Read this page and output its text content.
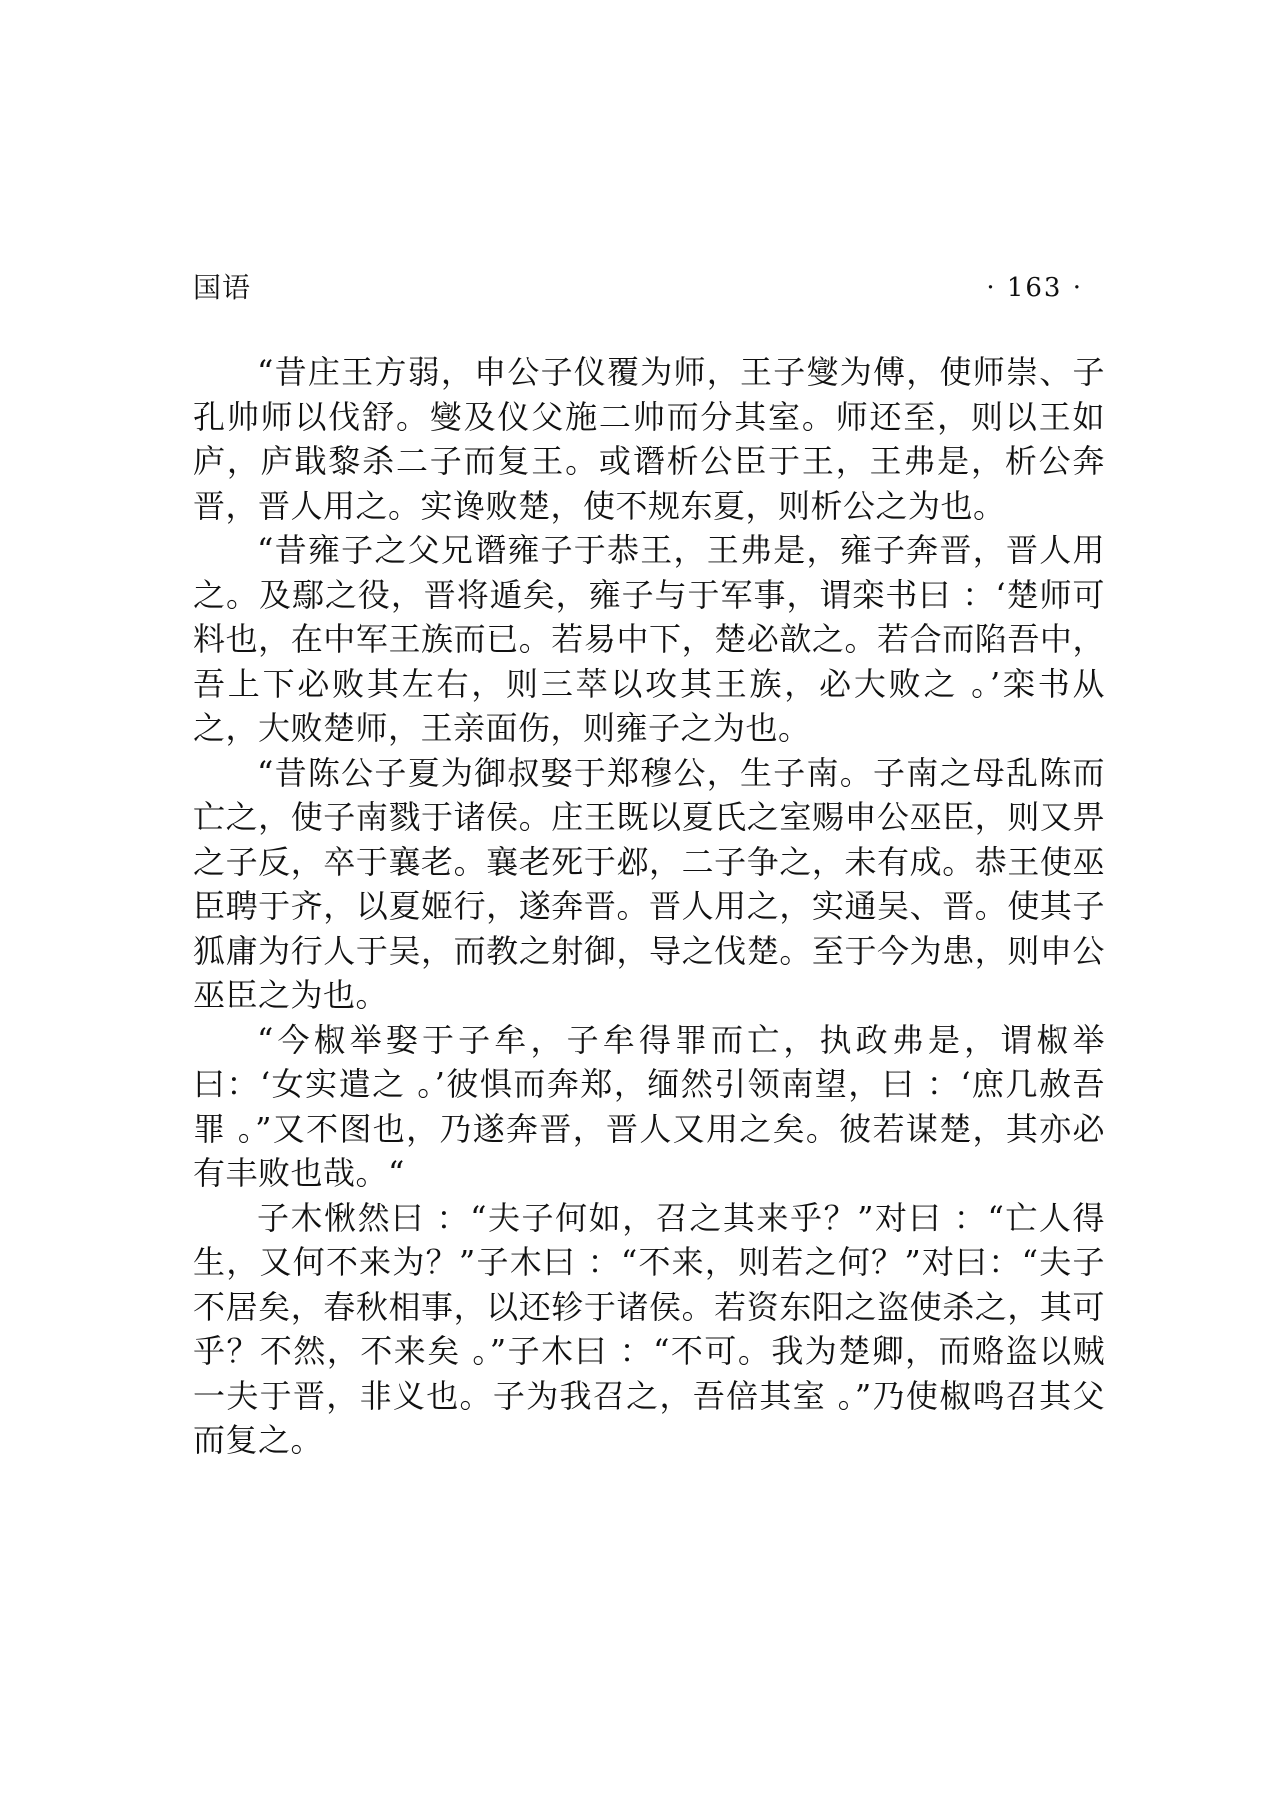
国语	· 163 ·

“昔庄王方弱，申公子仪覆为师，王子燮为傅，使师崇、子孔帅师以伐舒。燮及仪父施二帅而分其室。师还至，则以王如庐，庐戢黎杀二子而复王。或谮析公臣于王，王弗是，析公奔晋，晋人用之。实谗败楚，使不规东夏，则析公之为也。

“昔雍子之父兄谮雍子于恭王，王弗是，雍子奔晋，晋人用之。及鄢之役，晋将遁矣，雍子与于军事，谓栾书曰 ：‘楚师可料也，在中军王族而已。若易中下，楚必歆之。若合而陷吾中，吾上下必败其左右，则三萃以攻其王族，必大败之 。’栾书从之，大败楚师，王亲面伤，则雍子之为也。

“昔陈公子夏为御叔娶于郑穆公，生子南。子南之母乱陈而亡之，使子南戮于诸侯。庄王既以夏氏之室赐申公巫臣，则又畀之子反，卒于襄老。襄老死于邲，二子争之，未有成。恭王使巫臣聘于齐，以夏姬行，遂奔晋。晋人用之，实通吴、晋。使其子狐庸为行人于吴，而教之射御，导之伐楚。至于今为患，则申公巫臣之为也。

“今椒举娶于子牟，子牟得罪而亡，执政弗是，谓椒举曰：‘女实遣之 。’彼惧而奔郑，缅然引领南望，曰 ：‘庶几赦吾罪 。”又不图也，乃遂奔晋，晋人又用之矣。彼若谋楚，其亦必有丰败也哉。“

子木愀然曰 ：“夫子何如，召之其来乎？”对曰 ：“亡人得生，又何不来为？”子木曰 ：“不来，则若之何？”对曰：“夫子不居矣，春秋相事，以还轸于诸侯。若资东阳之盗使杀之，其可乎？不然，不来矣 。”子木曰 ：“不可。我为楚卿，而赂盗以贼一夫于晋，非义也。子为我召之，吾倍其室 。”乃使椒鸣召其父而复之。
